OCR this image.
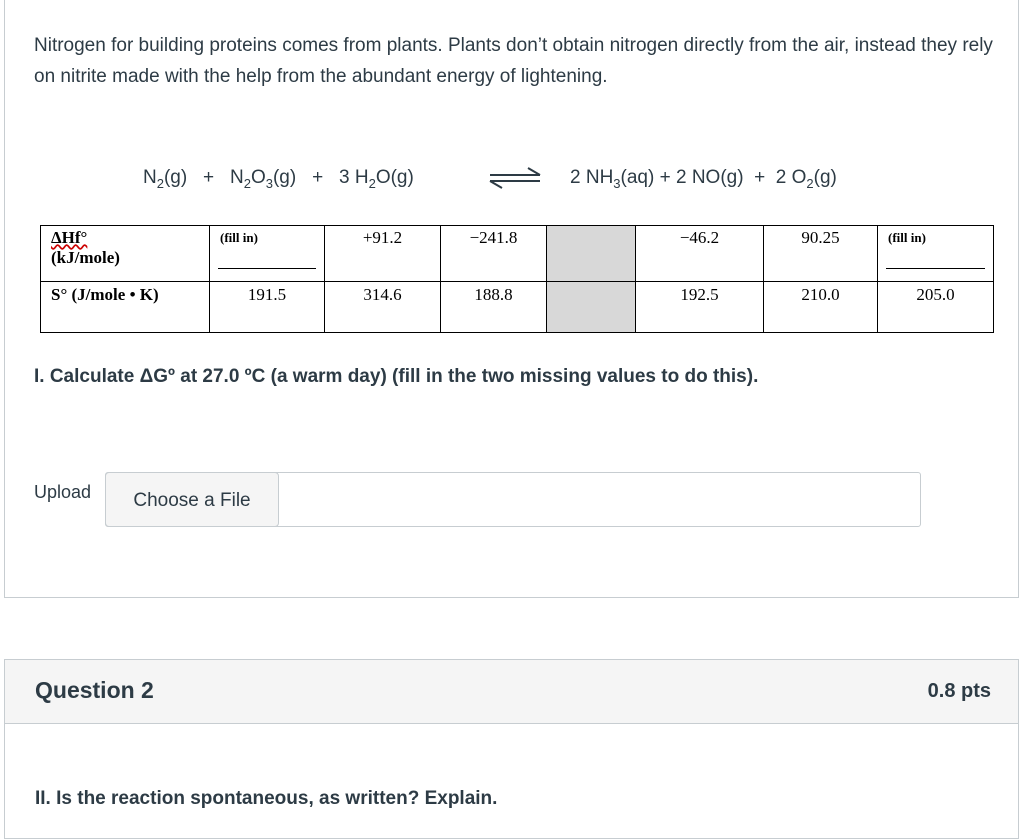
Nitrogen for building proteins comes from plants. Plants don’t obtain nitrogen directly from the air, instead they rely on nitrite made with the help from the abundant energy of lightening.
$N_2(g) + N_2O_3(g) + 3$ $H_2O(g)$	2 $NH_3(aq) + 2$ NO(g) + 2 $O_2(g)$
ΔHf°
(kJ/mole)	(fill in)	+91.2	−241.8		−46.2	90.25	(fill in)

S° (J/mole • K)	191.5	314.6	188.8		192.5	210.0	205.0
I. Calculate ΔGº at 27.0 ºC (a warm day) (fill in the two missing values to do this).
Upload	Choose a File
Question 2	0.8 pts
II. Is the reaction spontaneous, as written? Explain.
